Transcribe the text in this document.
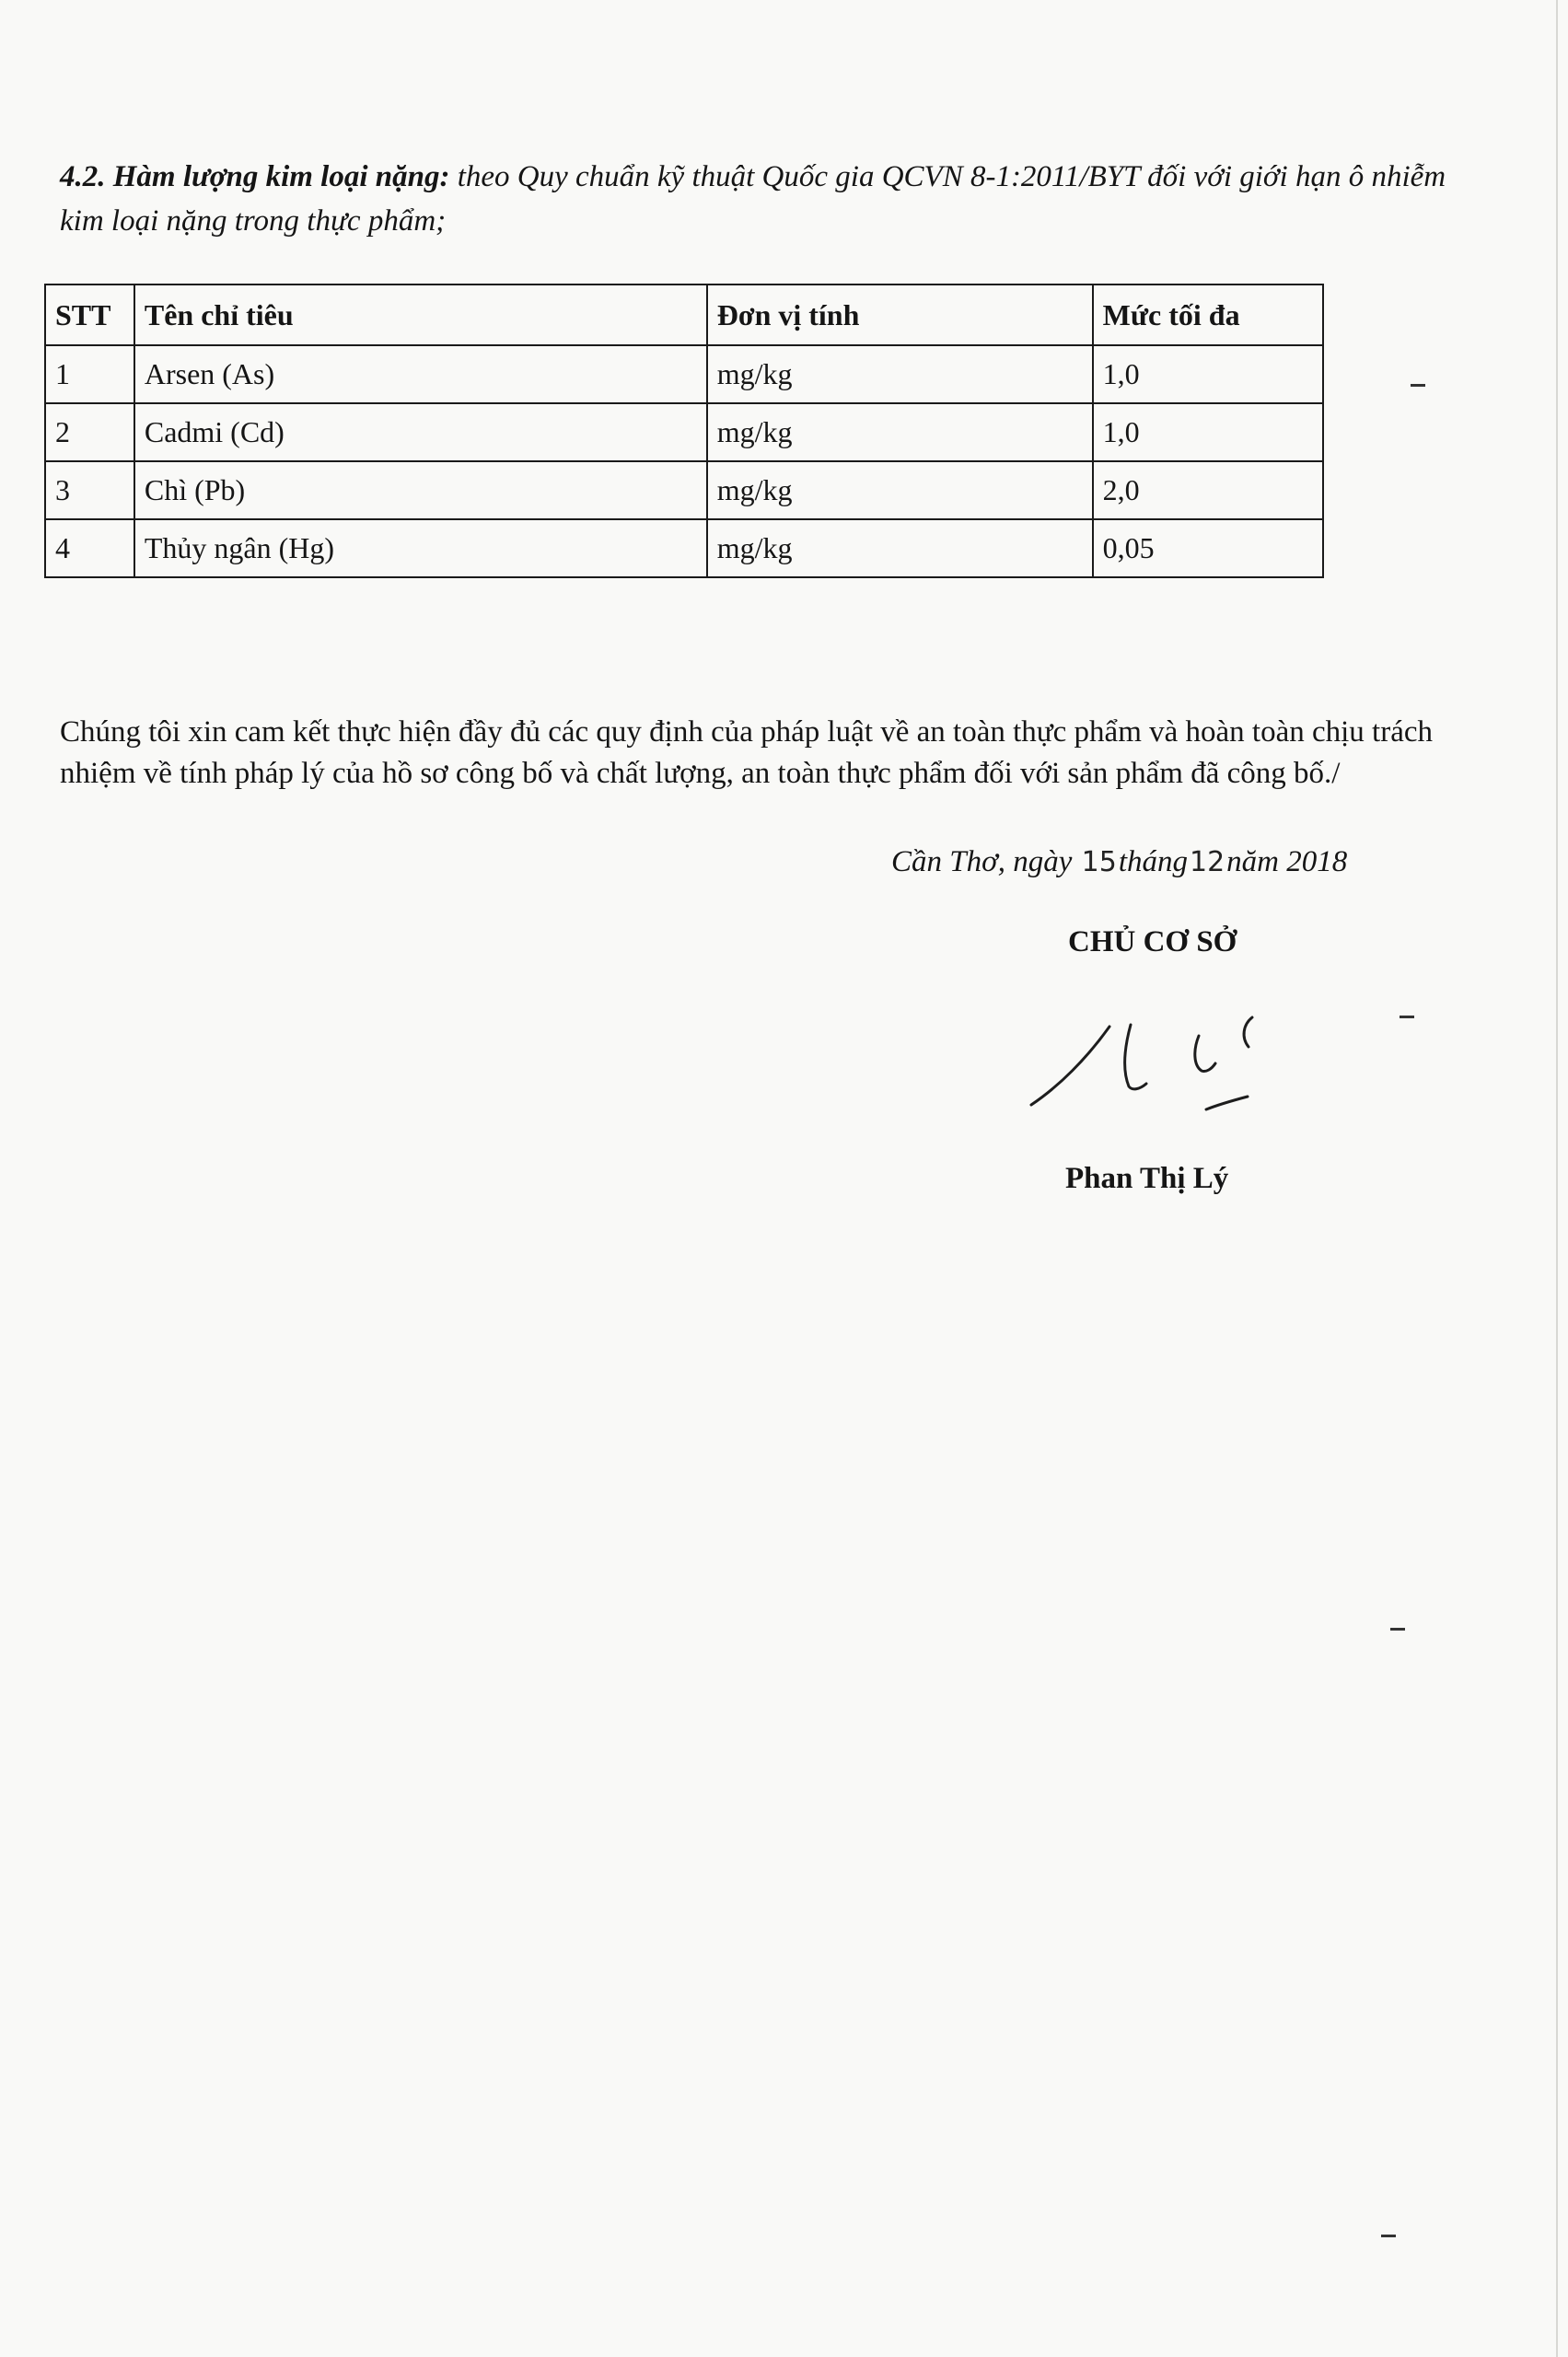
4.2. Hàm lượng kim loại nặng: theo Quy chuẩn kỹ thuật Quốc gia QCVN 8-1:2011/BYT đối với giới hạn ô nhiễm kim loại nặng trong thực phẩm;
STT	Tên chỉ tiêu	Đơn vị tính	Mức tối đa
1	Arsen (As)	mg/kg	1,0
2	Cadmi (Cd)	mg/kg	1,0
3	Chì (Pb)	mg/kg	2,0
4	Thủy ngân (Hg)	mg/kg	0,05

Chúng tôi xin cam kết thực hiện đầy đủ các quy định của pháp luật về an toàn thực phẩm và hoàn toàn chịu trách nhiệm về tính pháp lý của hồ sơ công bố và chất lượng, an toàn thực phẩm đối với sản phẩm đã công bố./

Cần Thơ, ngày 15tháng12năm 2018
CHỦ CƠ SỞ
Phan Thị Lý
